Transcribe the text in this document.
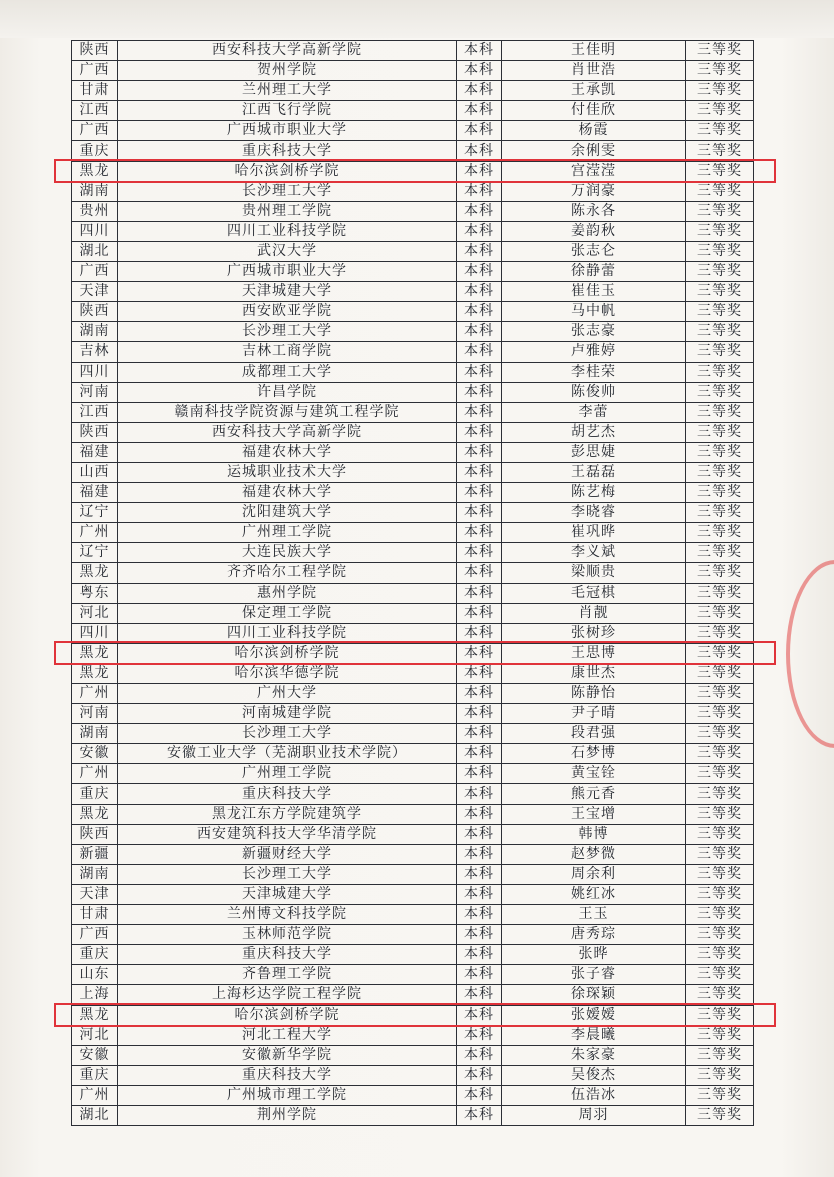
陕西	西安科技大学高新学院	本科	王佳明	三等奖
广西	贺州学院	本科	肖世浩	三等奖
甘肃	兰州理工大学	本科	王承凯	三等奖
江西	江西飞行学院	本科	付佳欣	三等奖
广西	广西城市职业大学	本科	杨霞	三等奖
重庆	重庆科技大学	本科	余俐雯	三等奖
黑龙	哈尔滨剑桥学院	本科	宫滢滢	三等奖
湖南	长沙理工大学	本科	万润豪	三等奖
贵州	贵州理工学院	本科	陈永各	三等奖
四川	四川工业科技学院	本科	姜韵秋	三等奖
湖北	武汉大学	本科	张志仑	三等奖
广西	广西城市职业大学	本科	徐静蕾	三等奖
天津	天津城建大学	本科	崔佳玉	三等奖
陕西	西安欧亚学院	本科	马中帆	三等奖
湖南	长沙理工大学	本科	张志豪	三等奖
吉林	吉林工商学院	本科	卢雅婷	三等奖
四川	成都理工大学	本科	李桂荣	三等奖
河南	许昌学院	本科	陈俊帅	三等奖
江西	赣南科技学院资源与建筑工程学院	本科	李蕾	三等奖
陕西	西安科技大学高新学院	本科	胡艺杰	三等奖
福建	福建农林大学	本科	彭思婕	三等奖
山西	运城职业技术大学	本科	王磊磊	三等奖
福建	福建农林大学	本科	陈艺梅	三等奖
辽宁	沈阳建筑大学	本科	李晓睿	三等奖
广州	广州理工学院	本科	崔巩晔	三等奖
辽宁	大连民族大学	本科	李义斌	三等奖
黑龙	齐齐哈尔工程学院	本科	梁顺贵	三等奖
粤东	惠州学院	本科	毛冠棋	三等奖
河北	保定理工学院	本科	肖靓	三等奖
四川	四川工业科技学院	本科	张树珍	三等奖
黑龙	哈尔滨剑桥学院	本科	王思博	三等奖
黑龙	哈尔滨华德学院	本科	康世杰	三等奖
广州	广州大学	本科	陈静怡	三等奖
河南	河南城建学院	本科	尹子晴	三等奖
湖南	长沙理工大学	本科	段君强	三等奖
安徽	安徽工业大学（芜湖职业技术学院）	本科	石梦博	三等奖
广州	广州理工学院	本科	黄宝铨	三等奖
重庆	重庆科技大学	本科	熊元香	三等奖
黑龙	黑龙江东方学院建筑学	本科	王宝增	三等奖
陕西	西安建筑科技大学华清学院	本科	韩博	三等奖
新疆	新疆财经大学	本科	赵梦微	三等奖
湖南	长沙理工大学	本科	周余利	三等奖
天津	天津城建大学	本科	姚红冰	三等奖
甘肃	兰州博文科技学院	本科	王玉	三等奖
广西	玉林师范学院	本科	唐秀琮	三等奖
重庆	重庆科技大学	本科	张晔	三等奖
山东	齐鲁理工学院	本科	张子睿	三等奖
上海	上海杉达学院工程学院	本科	徐琛颖	三等奖
黑龙	哈尔滨剑桥学院	本科	张嫒嫒	三等奖
河北	河北工程大学	本科	李晨曦	三等奖
安徽	安徽新华学院	本科	朱家豪	三等奖
重庆	重庆科技大学	本科	吴俊杰	三等奖
广州	广州城市理工学院	本科	伍浩冰	三等奖
湖北	荆州学院	本科	周羽	三等奖
